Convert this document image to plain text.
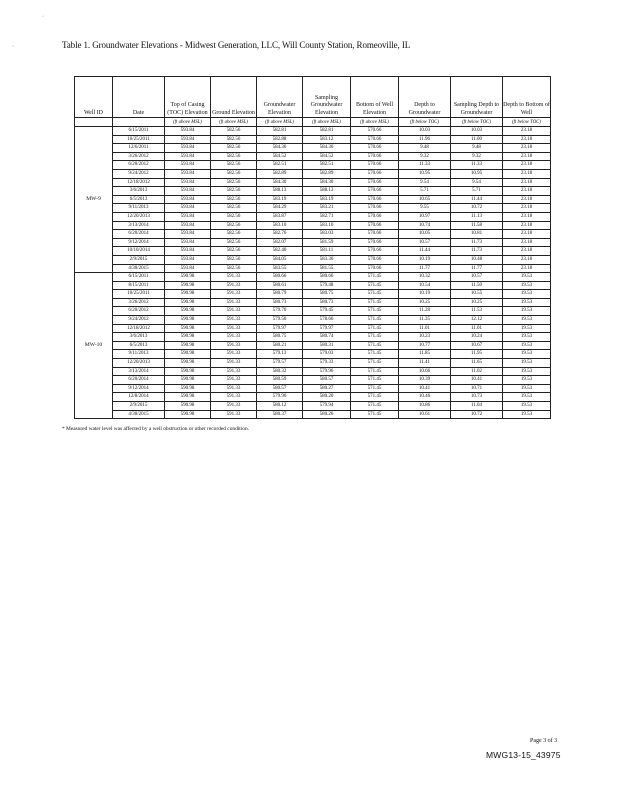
·
·	Table 1. Groundwater Elevations - Midwest Generation, LLC, Will County Station, Romeoville, IL
Well ID	Date	Top of Casing (TOC) Elevation	Ground Elevation	Groundwater Elevation	Sampling Groundwater Elevation	Bottom of Well Elevation	Depth to Groundwater	Sampling Depth to Groundwater	Depth to Bottom of Well
		(ft above MSL)	(ft above MSL)	(ft above MSL)	(ft above MSL)	(ft above MSL)	(ft below TOC)	(ft below TOC)	(ft below TOC)
MW-9	6/15/2011	593.84	582.56	582.81	582.81	570.66	10.03	10.03	23.18
	10/25/2011	593.84	582.56	582.88	583.12	570.66	11.96	11.00	23.18
	12/6/2011	593.84	582.56	584.36	584.36	570.66	9.48	9.48	23.18
	3/26/2012	593.84	582.56	584.52	584.52	570.66	9.32	9.32	23.18
	6/20/2012	593.84	582.56	582.51	582.51	570.66	11.33	11.33	23.18
	9/24/2012	593.84	582.56	582.89	582.89	570.66	10.95	10.95	23.18
	12/18/2012	593.84	582.56	584.30	584.30	570.66	9.54	9.54	23.18
	3/6/2013	593.84	582.56	588.13	588.13	570.66	5.71	5.71	23.18
	6/5/2013	593.84	582.56	583.19	583.19	570.66	10.65	11.44	23.18
	9/11/2013	593.84	582.56	584.29	583.21	570.66	9.55	10.72	23.18
	12/20/2013	593.84	582.56	583.87	582.71	570.66	10.97	11.13	23.18
	3/13/2014	593.84	582.56	583.10	583.10	570.66	10.74	11.58	23.18
	6/20/2014	593.84	582.56	582.76	583.03	570.66	10.05	10.81	23.18
	9/12/2014	593.84	582.56	582.07	581.59	570.66	10.57	11.73	23.18
	10/10/2014	593.84	582.56	582.40	581.11	570.66	11.44	11.73	23.18
	2/9/2015	593.84	582.56	584.05	583.36	570.66	10.19	10.48	23.18
	4/30/2015	593.84	582.56	583.55	581.55	570.66	11.77	11.77	23.18
MW-10	6/15/2011	590.98	591.33	580.66	580.66	571.45	10.32	10.57	19.53
	8/15/2011	590.98	591.33	580.61	579.48	571.45	10.54	11.50	19.53
	10/25/2011	590.98	591.33	580.79	580.75	571.45	10.19	10.55	19.53
	3/26/2012	590.98	591.33	580.73	580.73	571.45	10.25	10.25	19.53
	6/20/2012	590.98	591.33	579.70	579.45	571.45	11.28	11.53	19.53
	9/24/2012	590.98	591.33	579.50	578.66	571.45	11.35	12.12	19.53
	12/18/2012	590.98	591.33	579.97	579.97	571.45	11.01	11.01	19.53
	3/6/2013	590.98	591.33	580.75	580.74	571.45	10.23	10.24	19.53
	6/5/2013	590.98	591.33	580.21	580.31	571.45	10.77	10.67	19.53
	9/11/2013	590.98	591.33	579.13	579.03	571.45	11.85	11.95	19.53
	12/20/2013	590.98	591.33	579.57	579.33	571.45	11.41	11.65	19.53
	3/13/2014	590.98	591.33	580.32	579.96	571.45	10.66	11.02	19.53
	6/20/2014	590.98	591.33	580.59	580.57	571.45	10.39	10.41	19.53
	9/12/2014	590.98	591.33	580.57	580.27	571.45	10.41	10.71	19.53
	12/8/2014	590.98	591.33	579.96	580.20	571.45	10.46	10.73	19.53
	2/9/2015	590.98	591.33	580.12	579.94	571.45	10.86	11.04	19.53
	4/30/2015	590.98	591.33	580.37	580.26	571.45	10.61	10.72	19.53
* Measured water level was affected by a well obstruction or other recorded condition.
Page 3 of 3
MWG13-15_43975
